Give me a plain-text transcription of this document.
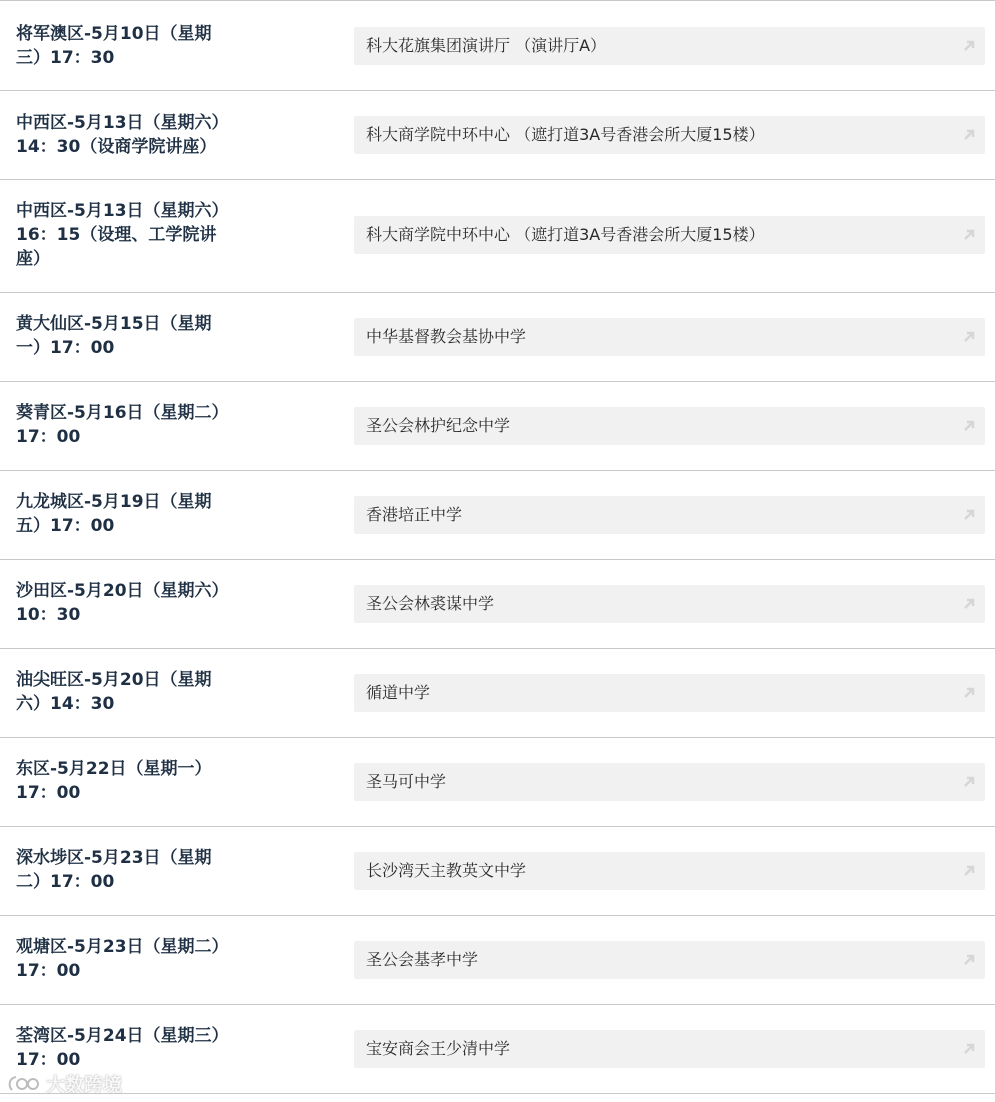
将军澳区-5月10日（星期
三）17：30
科大花旗集团演讲厅 （演讲厅A）
中西区-5月13日（星期六）
14：30（设商学院讲座）
科大商学院中环中心 （遮打道3A号香港会所大厦15楼）
中西区-5月13日（星期六）
16：15（设理、工学院讲
座）
科大商学院中环中心 （遮打道3A号香港会所大厦15楼）
黄大仙区-5月15日（星期
一）17：00
中华基督教会基协中学
葵青区-5月16日（星期二）
17：00
圣公会林护纪念中学
九龙城区-5月19日（星期
五）17：00
香港培正中学
沙田区-5月20日（星期六）
10：30
圣公会林裘谋中学
油尖旺区-5月20日（星期
六）14：30
循道中学
东区-5月22日（星期一）
17：00
圣马可中学
深水埗区-5月23日（星期
二）17：00
长沙湾天主教英文中学
观塘区-5月23日（星期二）
17：00
圣公会基孝中学
荃湾区-5月24日（星期三）
17：00
宝安商会王少清中学
大数跨境
